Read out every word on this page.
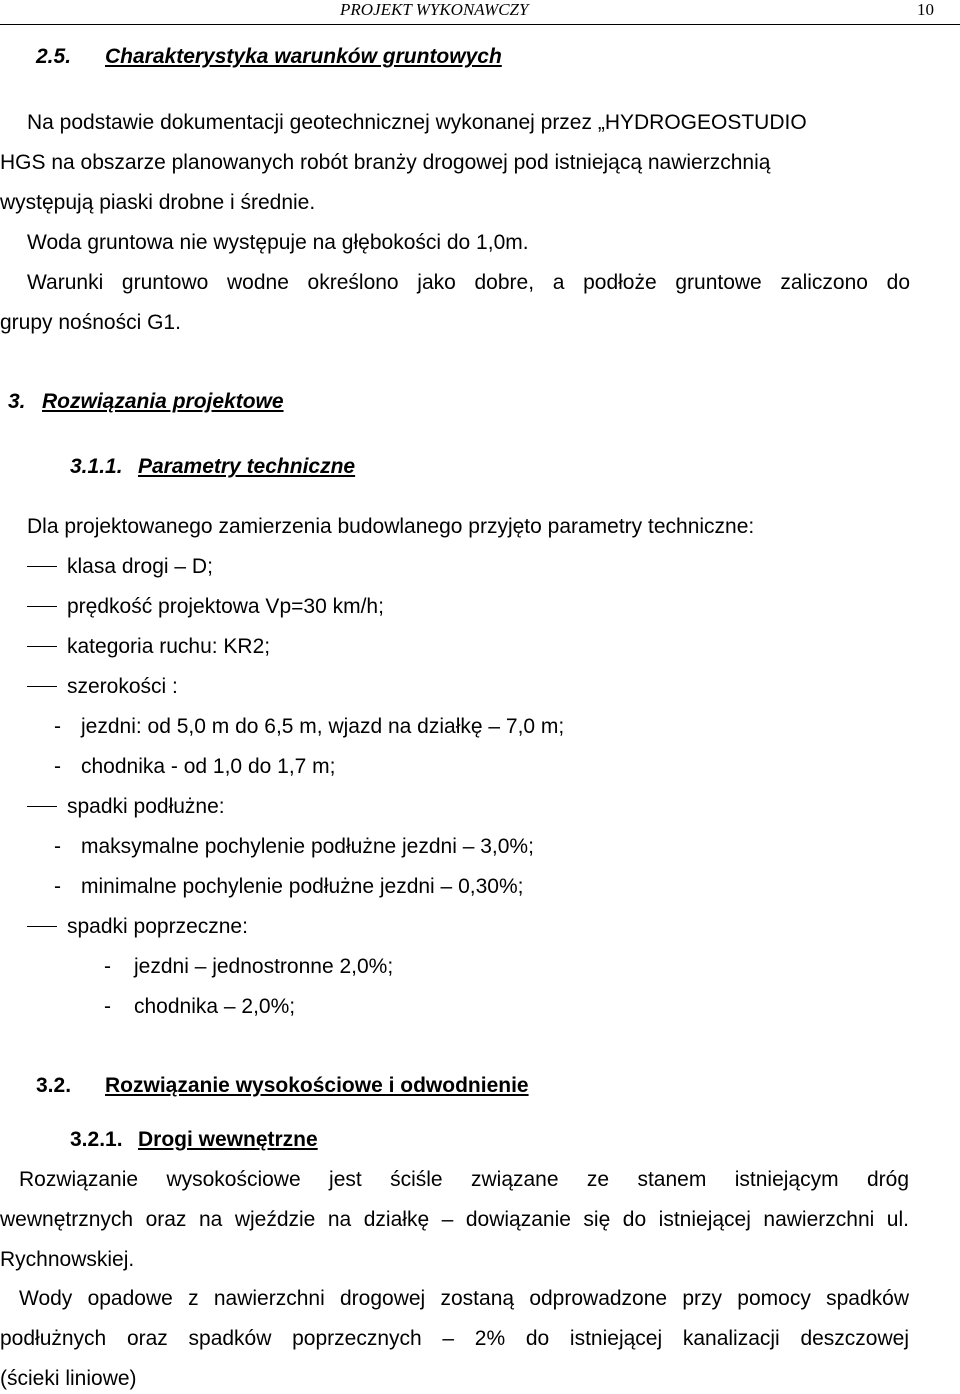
PROJEKT WYKONAWCZY	10
2.5. Charakterystyka warunków gruntowych
Na podstawie dokumentacji geotechnicznej wykonanej przez „HYDROGEOSTUDIO
HGS na obszarze planowanych robót branży drogowej pod istniejącą nawierzchnią
występują piaski drobne i średnie.
Woda gruntowa nie występuje na głębokości do 1,0m.
Warunki gruntowo wodne określono jako dobre, a podłoże gruntowe zaliczono do
grupy nośności G1.
3. Rozwiązania projektowe
3.1.1. Parametry techniczne
Dla projektowanego zamierzenia budowlanego przyjęto parametry techniczne:
klasa drogi – D;
prędkość projektowa Vp=30 km/h;
kategoria ruchu: KR2;
szerokości :
- jezdni: od 5,0 m do 6,5 m, wjazd na działkę – 7,0 m;
- chodnika - od 1,0 do 1,7 m;
spadki podłużne:
- maksymalne pochylenie podłużne jezdni – 3,0%;
- minimalne pochylenie podłużne jezdni – 0,30%;
spadki poprzeczne:
- jezdni – jednostronne 2,0%;
- chodnika – 2,0%;
3.2. Rozwiązanie wysokościowe i odwodnienie
3.2.1. Drogi wewnętrzne
Rozwiązanie wysokościowe jest ściśle związane ze stanem istniejącym dróg
wewnętrznych oraz na wjeździe na działkę – dowiązanie się do istniejącej nawierzchni ul.
Rychnowskiej.
Wody opadowe z nawierzchni drogowej zostaną odprowadzone przy pomocy spadków
podłużnych oraz spadków poprzecznych – 2% do istniejącej kanalizacji deszczowej
(ścieki liniowe)
